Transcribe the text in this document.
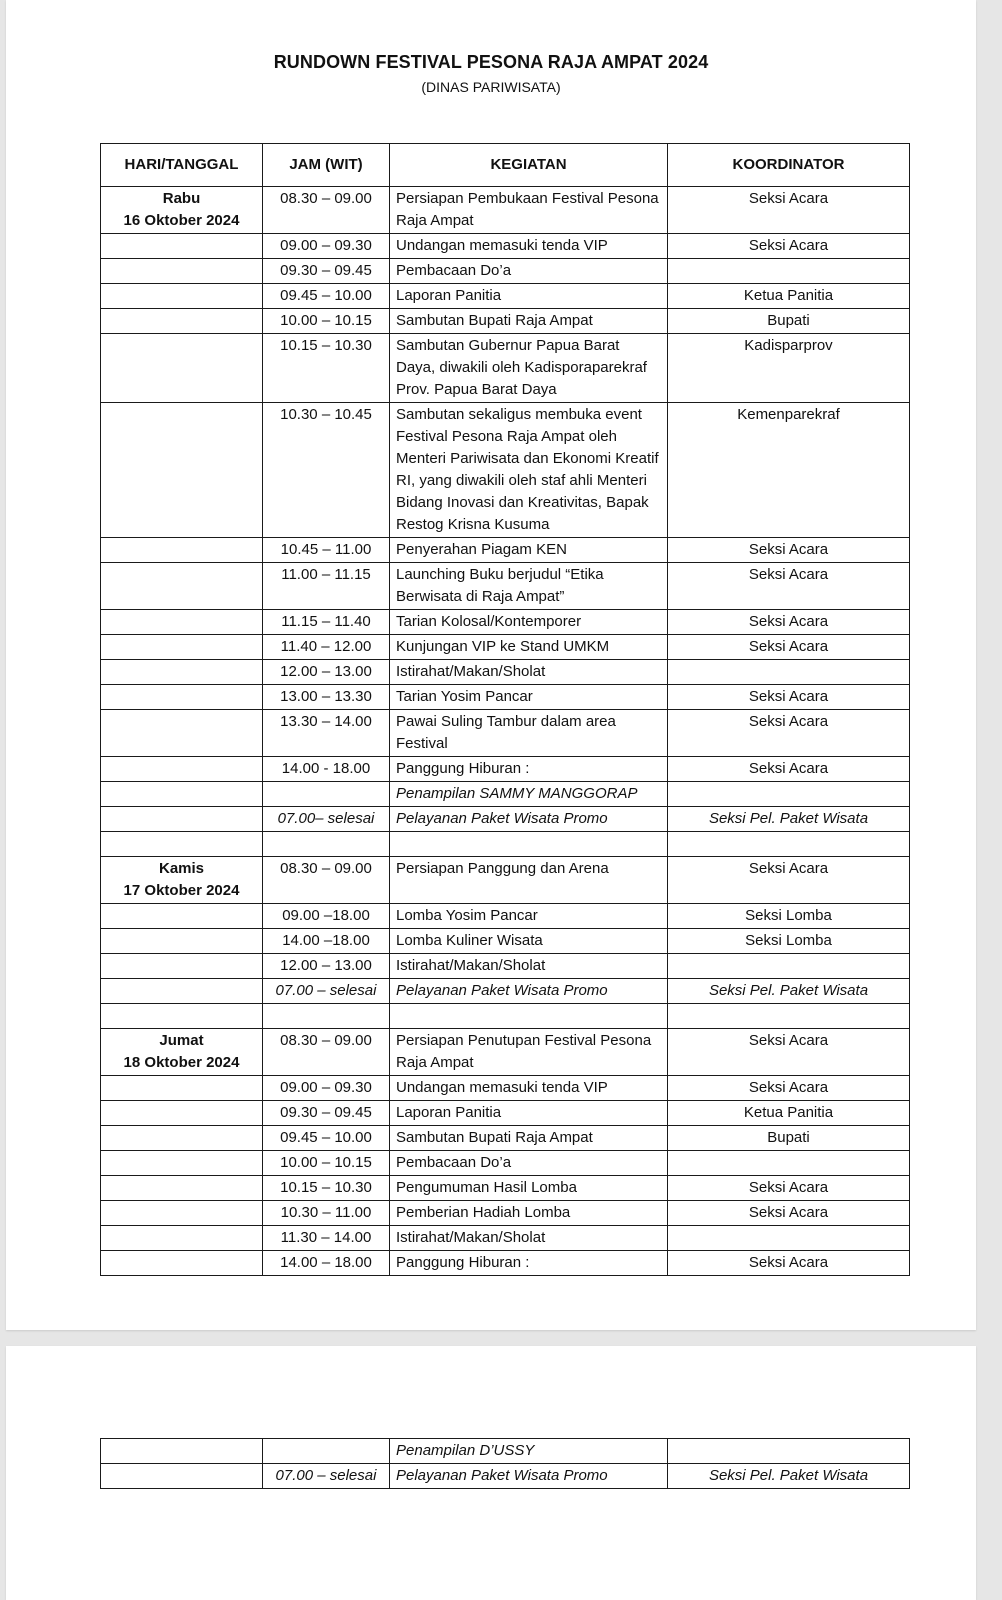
RUNDOWN FESTIVAL PESONA RAJA AMPAT 2024
(DINAS PARIWISATA)
HARI/TANGGAL	JAM (WIT)	KEGIATAN	KOORDINATOR

Rabu
16 Oktober 2024	08.30 – 09.00	Persiapan Pembukaan Festival Pesona Raja Ampat	Seksi Acara
	09.00 – 09.30	Undangan memasuki tenda VIP	Seksi Acara
	09.30 – 09.45	Pembacaan Do’a	
	09.45 – 10.00	Laporan Panitia	Ketua Panitia
	10.00 – 10.15	Sambutan Bupati Raja Ampat	Bupati
	10.15 – 10.30	Sambutan Gubernur Papua Barat Daya, diwakili oleh Kadisporaparekraf Prov. Papua Barat Daya	Kadisparprov
	10.30 – 10.45	Sambutan sekaligus membuka event Festival Pesona Raja Ampat oleh Menteri Pariwisata dan Ekonomi Kreatif RI, yang diwakili oleh staf ahli Menteri Bidang Inovasi dan Kreativitas, Bapak Restog Krisna Kusuma	Kemenparekraf
	10.45 – 11.00	Penyerahan Piagam KEN	Seksi Acara
	11.00 – 11.15	Launching Buku berjudul “Etika Berwisata di Raja Ampat”	Seksi Acara
	11.15 – 11.40	Tarian Kolosal/Kontemporer	Seksi Acara
	11.40 – 12.00	Kunjungan VIP ke Stand UMKM	Seksi Acara
	12.00 – 13.00	Istirahat/Makan/Sholat	
	13.00 – 13.30	Tarian Yosim Pancar	Seksi Acara
	13.30 – 14.00	Pawai Suling Tambur dalam area Festival	Seksi Acara
	14.00 - 18.00	Panggung Hiburan :	Seksi Acara
		Penampilan SAMMY MANGGORAP	
	07.00– selesai	Pelayanan Paket Wisata Promo	Seksi Pel. Paket Wisata

Kamis
17 Oktober 2024	08.30 – 09.00	Persiapan Panggung dan Arena	Seksi Acara
	09.00 –18.00	Lomba Yosim Pancar	Seksi Lomba
	14.00 –18.00	Lomba Kuliner Wisata	Seksi Lomba
	12.00 – 13.00	Istirahat/Makan/Sholat	
	07.00 – selesai	Pelayanan Paket Wisata Promo	Seksi Pel. Paket Wisata

Jumat
18 Oktober 2024	08.30 – 09.00	Persiapan Penutupan Festival Pesona Raja Ampat	Seksi Acara
	09.00 – 09.30	Undangan memasuki tenda VIP	Seksi Acara
	09.30 – 09.45	Laporan Panitia	Ketua Panitia
	09.45 – 10.00	Sambutan Bupati Raja Ampat	Bupati
	10.00 – 10.15	Pembacaan Do’a	
	10.15 – 10.30	Pengumuman Hasil Lomba	Seksi Acara
	10.30 – 11.00	Pemberian Hadiah Lomba	Seksi Acara
	11.30 – 14.00	Istirahat/Makan/Sholat	
	14.00 – 18.00	Panggung Hiburan :	Seksi Acara
		Penampilan D’USSY	
	07.00 – selesai	Pelayanan Paket Wisata Promo	Seksi Pel. Paket Wisata
